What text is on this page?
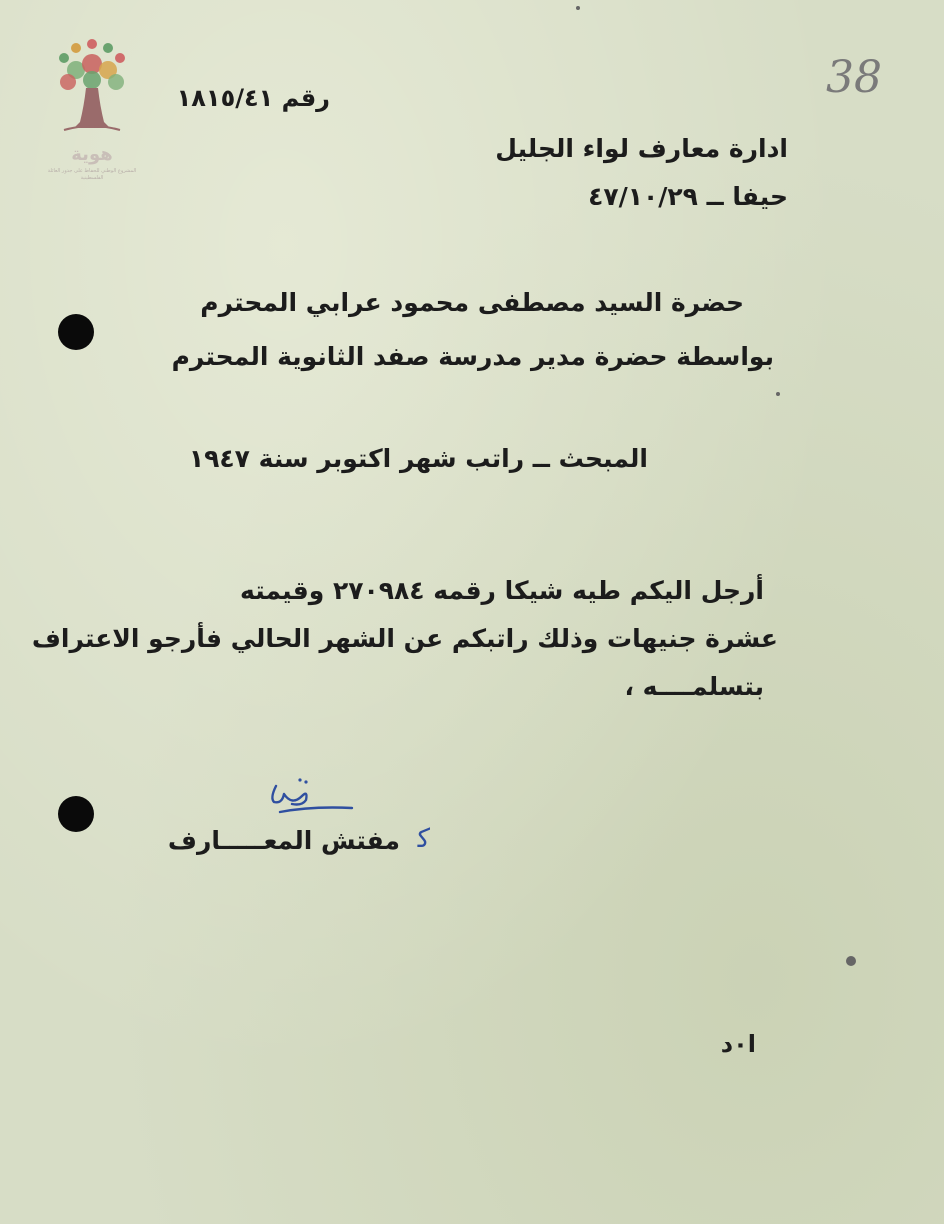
هوية
المشروع الوطني للحفاظ على جذور العائلة الفلسطينية
38
رقم ١٨١٥/٤١
ادارة معارف لواء الجليل
حيفا ــ ٤٧/١٠/٢٩
حضرة السيد مصطفى محمود عرابي المحترم
بواسطة حضرة مدير مدرسة صفد الثانوية المحترم
المبحث ــ راتب شهر اكتوبر سنة ١٩٤٧
أرجل اليكم طيه شيكا رقمه ٢٧٠٩٨٤ وقيمته
عشرة جنيهات وذلك راتبكم عن الشهر الحالي فأرجو الاعتراف
بتسلمــــه ،
مفتش المعـــــارف ﻛ
ا٠د
